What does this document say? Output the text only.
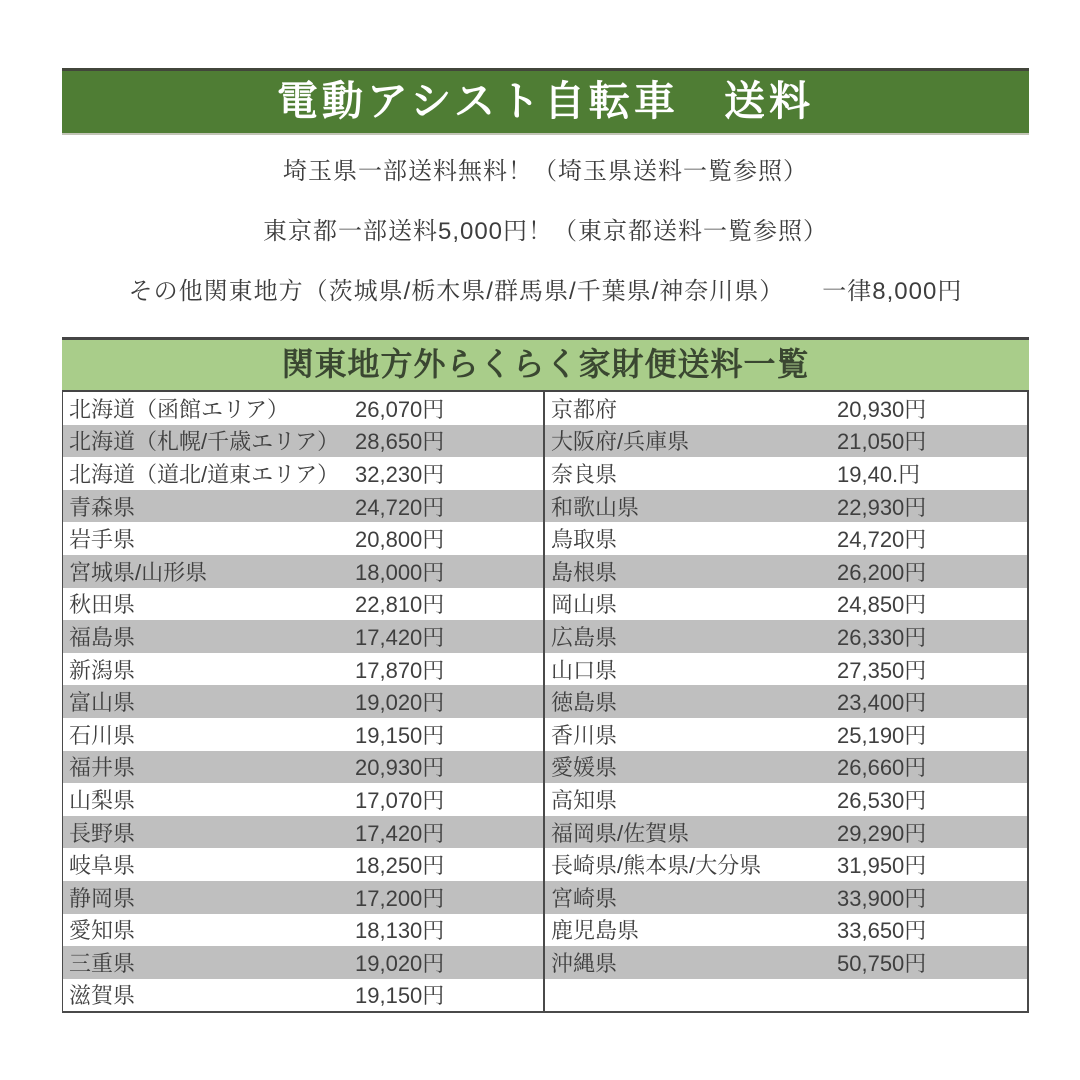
電動アシスト自転車　送料

埼玉県一部送料無料！（埼玉県送料一覧参照）

東京都一部送料5,000円！（東京都送料一覧参照）

その他関東地方（茨城県/栃木県/群馬県/千葉県/神奈川県）　　一律8,000円

関東地方外らくらく家財便送料一覧
北海道（函館エリア）	26,070円
北海道（札幌/千歳エリア） 28,650円
北海道（道北/道東エリア） 32,230円
青森県	24,720円
岩手県	20,800円
宮城県/山形県	18,000円
秋田県	22,810円
福島県	17,420円
新潟県	17,870円
富山県	19,020円
石川県	19,150円
福井県	20,930円
山梨県	17,070円
長野県	17,420円
岐阜県	18,250円
静岡県	17,200円
愛知県	18,130円
三重県	19,020円
滋賀県	19,150円
京都府	20,930円
大阪府/兵庫県	21,050円
奈良県	19,40.円
和歌山県	22,930円
鳥取県	24,720円
島根県	26,200円
岡山県	24,850円
広島県	26,330円
山口県	27,350円
徳島県	23,400円
香川県	25,190円
愛媛県	26,660円
高知県	26,530円
福岡県/佐賀県	29,290円
長崎県/熊本県/大分県	31,950円
宮崎県	33,900円
鹿児島県	33,650円
沖縄県	50,750円
